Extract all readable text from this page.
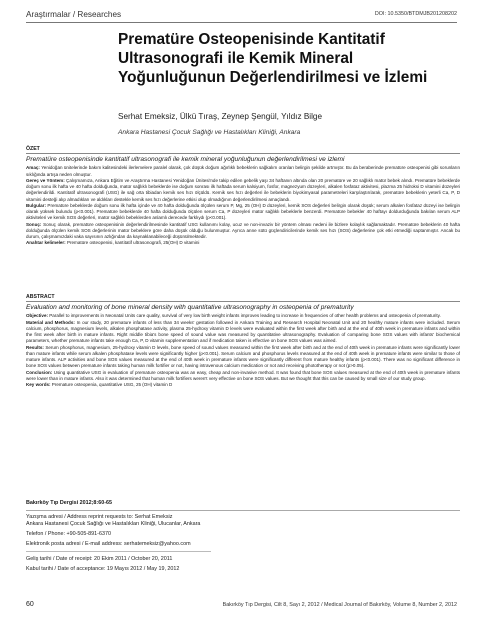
Araştırmalar / Researches	DOI: 10.5350/BTDMJB201208202
Prematüre Osteopenisinde Kantitatif Ultrasonografi ile Kemik Mineral Yoğunluğunun Değerlendirilmesi ve İzlemi
Serhat Emeksiz, Ülkü Tıraş, Zeynep Şengül, Yıldız Bilge
Ankara Hastanesi Çocuk Sağlığı ve Hastalıkları Kliniği, Ankara
ÖZET
Prematüre osteopenisinde kantitatif ultrasonografi ile kemik mineral yoğunluğunun değerlendirilmesi ve izlemi

Amaç: Yenidoğan ünitelerinde bakım kalitesindeki ilerlemelere paralel olarak, çok düşük doğum ağırlıklı bebeklerin sağkalım oranları belirgin şekilde artmıştır. Bu da beraberinde prematüre osteopenisi gibi sorunların sıklığında artışa neden olmuştur.

Gereç ve Yöntem: Çalışmamıza, Ankara Eğitim ve Araştırma Hastanesi Yenidoğan Ünitesi'nde takip edilen gebelik yaşı 34 haftanın altında olan 20 prematüre ve 20 sağlıklı matür bebek alındı. Prematüre bebeklerde doğum sonu ilk hafta ve 40 hafta dolduğunda, matür sağlıklı bebeklerde ise doğum sonrası ilk haftada serum kalsiyum, fosfor, magnezyum düzeyleri, alkalen fosfataz aktivitesi, plazma 25 hidroksi D vitamini düzeyleri değerlendirildi. Kantitatif ultrasonografi (USG) ile sağ orta tibiadan kemik ses hızı ölçüldü. Kemik ses hızı değerleri ile bebeklerin biyokimyasal parametreleri karşılaştırılarak, prematüre bebeklerin yeterli Ca, P, D vitamini desteği alıp almadıkları ve aldıkları destekle kemik ses hızı değerlerine etkisi olup olmadığının değerlendirilmesi amaçlandı.

Bulgular: Prematüre bebeklerde doğum sonu ilk hafta içinde ve 40 hafta dolduğunda ölçülen serum P, Mg, 25 (OH) D düzeyleri, kemik SOS değerleri belirgin olarak düşük; serum alkalen fosfataz düzeyi ise belirgin olarak yüksek bulundu (p<0.001). Prematüre bebeklerde 40 hafta dolduğunda ölçülen serum Ca, P düzeyleri matür sağlıklı bebeklerle benzerdi. Prematüre bebekler 40 haftayı doldurduğunda bakılan serum ALP aktiviteleri ve kemik SOS değerleri, matür sağlıklı bebeklerden anlamlı derecede farklıydı (p<0.001).

Sonuç: Sonuç olarak, prematüre osteopenisinin değerlendirilmesinde kantitatif USG kullanımı kolay, ucuz ve non-invaziv bir yöntem olması nedeni ile bizlere kolaylık sağlamaktadır. Prematüre bebeklerin 40 hafta dolduğunda ölçülen kemik SOS değerlerinin matür bebeklere göre daha düşük olduğu bulunmuştur. Ayrıca anne sütü güçlendiricilerinde kemik ses hızı (SOS) değerlerine çok etki etmediği saptanmıştır. Ancak bu durum, çalışmamızdaki vaka sayısının azlığından da kaynaklanabileceği düşünülmektedir.

Anahtar kelimeler: Prematüre osteopenisi, kantitatif ultrasonografi, 25(OH) D vitamini

ABSTRACT
Evaluation and monitoring of bone mineral density with quantitative ultrasonography in osteopenia of prematurity

Objective: Parallel to improvements in Neonatal Units care quality, survival of very low birth weight infants improves leading to increase in frequencies of other health problems and osteopenia of prematurity.

Material and Methods: In our study, 20 premature infants of less than 34 weeks' gestation followed in Ankara Training and Research Hospital Neonatal Unit and 20 healthy mature infants were included. Serum calcium, phosphorus, magnesium levels, alkalen phosphatase activity, plasma 25-hydroxy vitamin D levels were evaluated within the first week after birth and at the end of 40th week in premature infants and within the first week after birth in mature infants. Right middle tibia's bone speed of sound value was measured by quantitative ultrasonography. Evaluation of comparing bone SOS values with infants' biochemical parameters, whether premature infants take enough Ca, P, D vitamin supplementation and if medication taken is effective on bone SOS values was aimed.

Results: Serum phosphorus, magnesium, 25-hydroxy vitamin D levels, bone speed of sound values measured within the first week after birth and at the end of 40th week in premature infants were significantly lower than mature infants while serum alkalen phosphatase levels were significantly higher (p<0.001). Serum calcium and phosphorus levels measured at the end of 40th week in premature infants were similar to those of mature infants. ALP activities and bone SOS values measured at the end of 40th week in premature infants were significantly different from mature healthy infants (p<0.001). There was no significant difference in bone SOS values between premature infants taking human milk fortifier or not, having intravenous calcium medication or not and receiving phototherapy or not (p>0.05).

Conclusion: Using quantitative USG in evaluation of premature osteopenia was an easy, cheap and non-invasive method. It was found that bone SOS values measured at the end of 40th week in premature infants were lower than in mature infants. Also it was determined that human milk fortifiers weren't very effective on bone SOS values. But we thought that this can be caused by small size of our study group.

Key words: Premature osteopenia, quantitative USG, 25 (OH) vitamin D

Bakırköy Tıp Dergisi 2012;8:60-65

Yazışma adresi / Address reprint requests to: Serhat Emeksiz

Ankara Hastanesi Çocuk Sağlığı ve Hastalıkları Kliniği, Ulucanlar, Ankara

Telefon / Phone: +90-505-891-6370

Elektronik posta adresi / E-mail address: serhatemeksiz@yahoo.com

Geliş tarihi / Date of receipt: 20 Ekim 2011 / October 20, 2011

Kabul tarihi / Date of acceptance: 19 Mayıs 2012 / May 19, 2012

60	Bakırköy Tıp Dergisi, Cilt 8, Sayı 2, 2012 / Medical Journal of Bakırköy, Volume 8, Number 2, 2012
